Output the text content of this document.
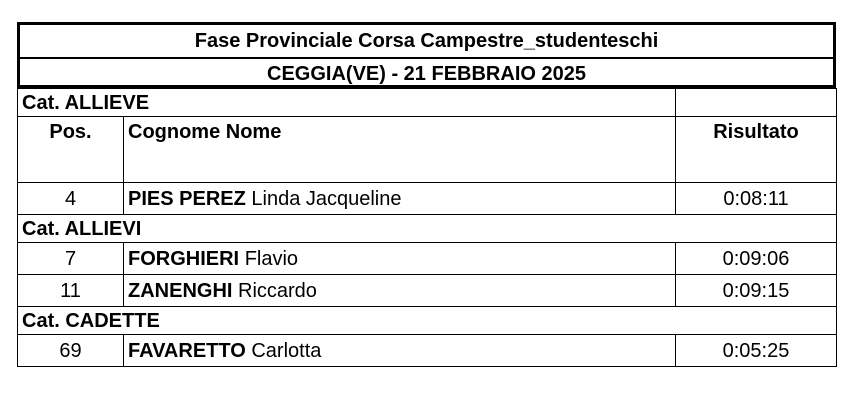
Fase Provinciale Corsa Campestre_studenteschi
CEGGIA(VE) - 21 FEBBRAIO 2025
Cat. ALLIEVE		
Pos.	Cognome Nome	Risultato
4	PIES PEREZ Linda Jacqueline	0:08:11
Cat. ALLIEVI		
7	FORGHIERI Flavio	0:09:06
11	ZANENGHI Riccardo	0:09:15
Cat. CADETTE		
69	FAVARETTO Carlotta	0:05:25
